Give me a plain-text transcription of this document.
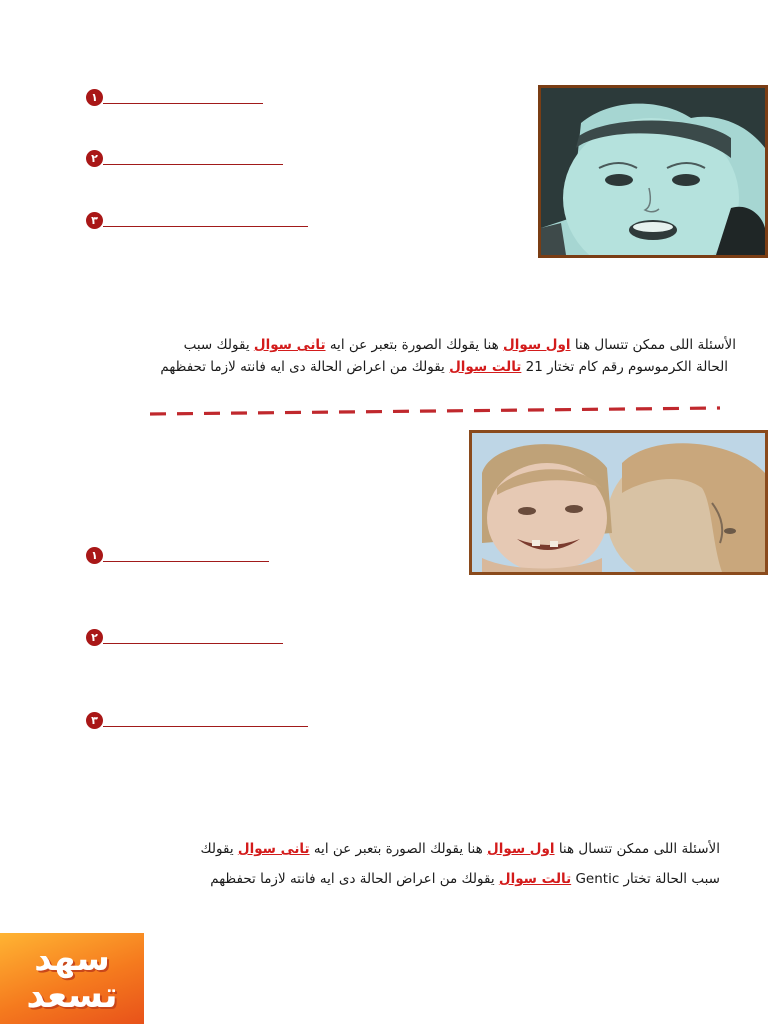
١
٢
٣
الأسئلة اللى ممكن تتسال هنا اول سوال هنا يقولك الصورة بتعبر عن ايه تانى سوال يقولك سبب
الحالة الكرموسوم رقم كام تختار 21 تالت سوال يقولك من اعراض الحالة دى ايه فانته لازما تحفظهم
١
٢
٣
الأسئلة اللى ممكن تتسال هنا اول سوال هنا يقولك الصورة بتعبر عن ايه تانى سوال يقولك
سبب الحالة تختار Gentic تالت سوال يقولك من اعراض الحالة دى ايه فانته لازما تحفظهم
سهد
تسعد
